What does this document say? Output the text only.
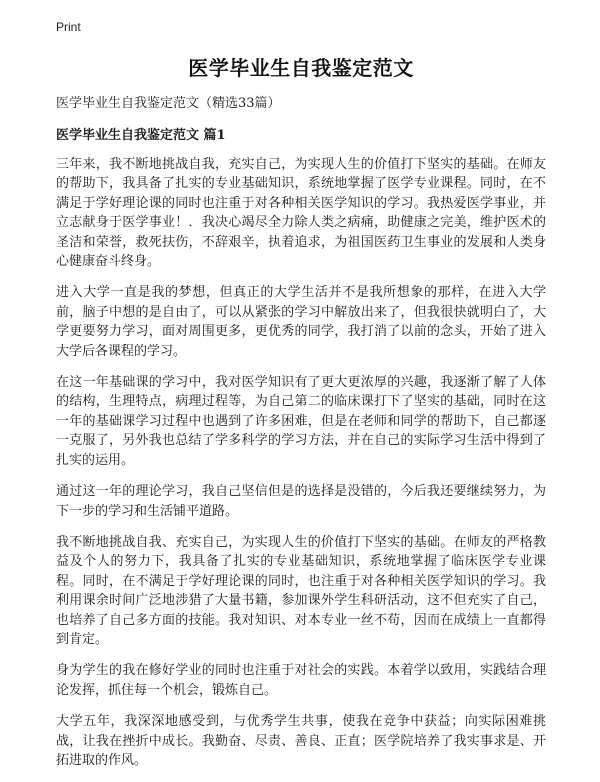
Print
医学毕业生自我鉴定范文

医学毕业生自我鉴定范文（精选33篇）

医学毕业生自我鉴定范文 篇1

三年来，我不断地挑战自我，充实自己，为实现人生的价值打下坚实的基础。在师友的帮助下，我具备了扎实的专业基础知识，系统地掌握了医学专业课程。同时，在不满足于学好理论课的同时也注重于对各种相关医学知识的学习。我热爱医学事业，并立志献身于医学事业！．我决心竭尽全力除人类之病痛，助健康之完美，维护医术的圣洁和荣誉，救死扶伤，不辞艰辛，执着追求，为祖国医药卫生事业的发展和人类身心健康奋斗终身。

进入大学一直是我的梦想，但真正的大学生活并不是我所想象的那样，在进入大学前，脑子中想的是自由了，可以从紧张的学习中解放出来了，但我很快就明白了，大学更要努力学习，面对周围更多，更优秀的同学，我打消了以前的念头，开始了进入大学后各课程的学习。

在这一年基础课的学习中，我对医学知识有了更大更浓厚的兴趣，我逐渐了解了人体的结构，生理特点，病理过程等，为自己第二的临床课打下了坚实的基础，同时在这一年的基础课学习过程中也遇到了许多困难，但是在老师和同学的帮助下，自己都逐一克服了，另外我也总结了学多科学的学习方法，并在自己的实际学习生活中得到了扎实的运用。

通过这一年的理论学习，我自己坚信但是的选择是没错的，今后我还要继续努力，为下一步的学习和生活铺平道路。

我不断地挑战自我、充实自己，为实现人生的价值打下坚实的基础。在师友的严格教益及个人的努力下，我具备了扎实的专业基础知识，系统地掌握了临床医学专业课程。同时，在不满足于学好理论课的同时，也注重于对各种相关医学知识的学习。我利用课余时间广泛地涉猎了大量书籍，参加课外学生科研活动，这不但充实了自己，也培养了自己多方面的技能。我对知识、对本专业一丝不苟，因而在成绩上一直都得到肯定。

身为学生的我在修好学业的同时也注重于对社会的实践。本着学以致用，实践结合理论发挥，抓住每一个机会，锻炼自己。

大学五年，我深深地感受到，与优秀学生共事，使我在竞争中获益；向实际困难挑战，让我在挫折中成长。我勤奋、尽责、善良、正直；医学院培养了我实事求是、开拓进取的作风。
